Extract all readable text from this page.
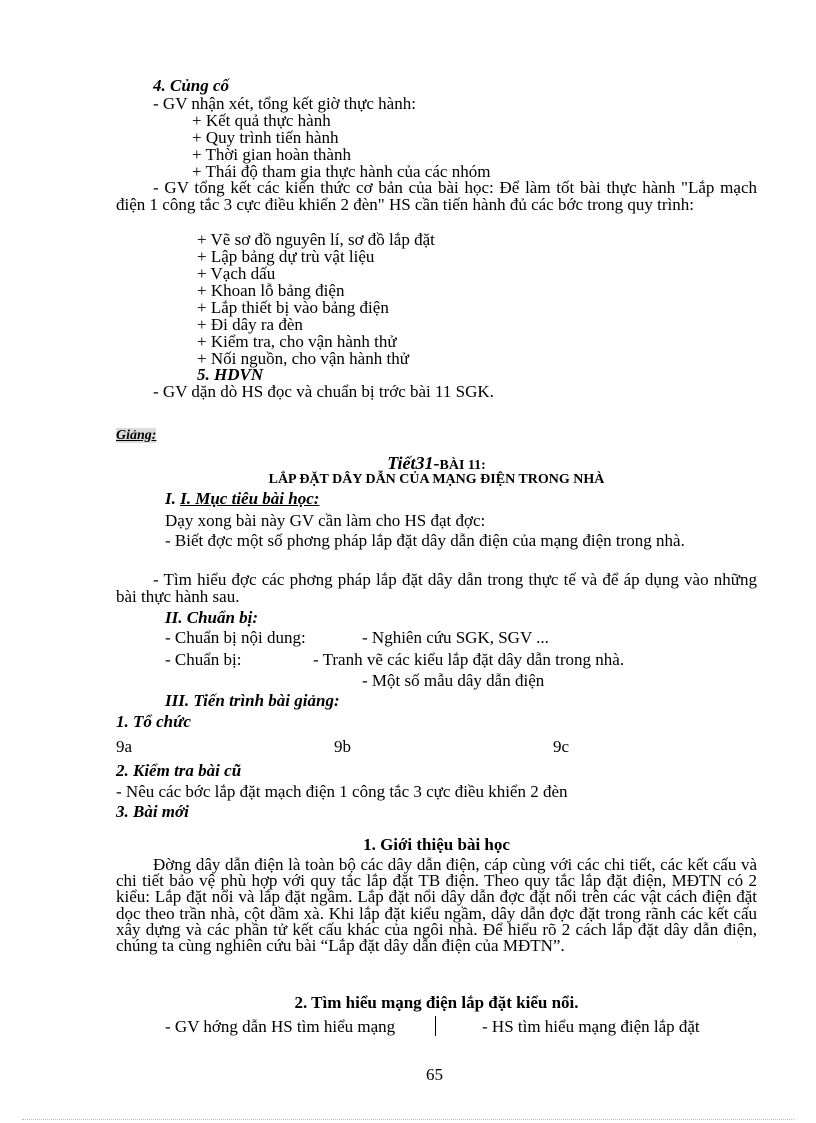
4. Củng cố
- GV nhận xét, tổng kết giờ thực hành:
+ Kết quả thực hành
+ Quy trình tiến hành
+ Thời gian hoàn thành
+ Thái độ tham gia thực hành của các nhóm
- GV tổng kết các kiến thức cơ bản của bài học: Để làm tốt bài thực hành "Lắp mạch điện 1 công tắc 3 cực điều khiển 2 đèn" HS cần tiến hành đủ các bớc trong quy trình:
+ Vẽ sơ đồ nguyên lí, sơ đồ lắp đặt
+ Lập bảng dự trù vật liệu
+ Vạch dấu
+ Khoan lỗ bảng điện
+ Lắp thiết bị vào bảng điện
+ Đi dây ra đèn
+ Kiểm tra, cho vận hành thử
+ Nối nguồn, cho vận hành thử
5. HDVN
- GV dặn dò HS đọc và chuẩn bị trớc bài 11 SGK.
Giảng:
Tiết31-BÀI 11:
LẮP ĐẶT DÂY DẪN CỦA MẠNG ĐIỆN TRONG NHÀ
I. I. Mục tiêu bài học:
Dạy xong bài này GV cần làm cho HS đạt đợc:
- Biết đợc một số phơng pháp lắp đặt dây dẫn điện của mạng điện trong nhà.
- Tìm hiểu đợc các phơng pháp lắp đặt dây dẫn trong thực tế và để áp dụng vào những bài thực hành sau.
II. Chuẩn bị:
- Chuẩn bị nội dung:	- Nghiên cứu SGK, SGV ...
- Chuẩn bị:	- Tranh vẽ các kiểu lắp đặt dây dẫn trong nhà.
- Một số mẫu dây dẫn điện
III. Tiến trình bài giảng:
1. Tổ chức
9a	9b	9c
2. Kiểm tra bài cũ
- Nêu các bớc lắp đặt mạch điện 1 công tắc 3 cực điều khiển 2 đèn
3. Bài mới
1. Giới thiệu bài học
Đờng dây dẫn điện là toàn bộ các dây dẫn điện, cáp cùng với các chi tiết, các kết cấu và chi tiết bảo vệ phù hợp với quy tắc lắp đặt TB điện. Theo quy tắc lắp đặt điện, MĐTN có 2 kiểu: Lắp đặt nổi và lắp đặt ngầm. Lắp đặt nổi dây dẫn đợc đặt nổi trên các vật cách điện đặt dọc theo trần nhà, cột dầm xà. Khi lắp đặt kiểu ngầm, dây dẫn đợc đặt trong rãnh các kết cấu xây dựng và các phần tử kết cấu khác của ngôi nhà. Để hiểu rõ 2 cách lắp đặt dây dẫn điện, chúng ta cùng nghiên cứu bài “Lắp đặt dây dẫn điện của MĐTN”.
2. Tìm hiểu mạng điện lắp đặt kiểu nổi.
- GV hớng dẫn HS tìm hiểu mạng	- HS tìm hiểu mạng điện lắp đặt
65
